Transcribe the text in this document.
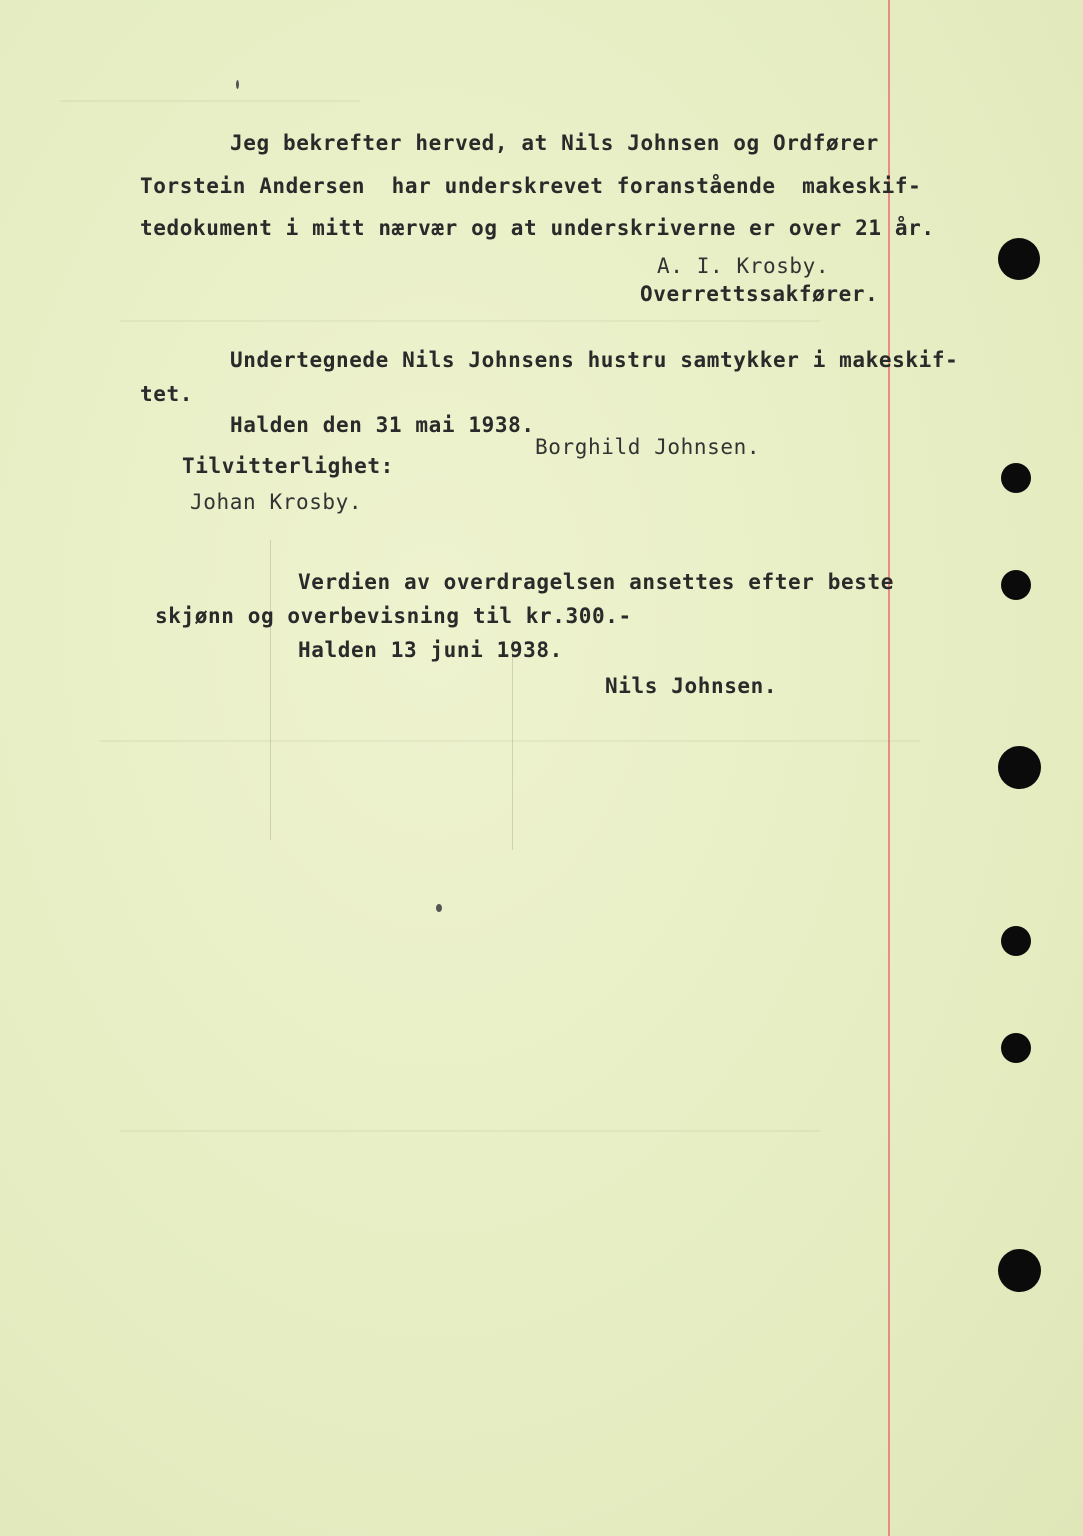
Jeg bekrefter herved, at Nils Johnsen og Ordfører
Torstein Andersen  har underskrevet foranstående  makeskif-
tedokument i mitt nærvær og at underskriverne er over 21 år.
A. I. Krosby.
Overrettssakfører.
Undertegnede Nils Johnsens hustru samtykker i makeskif-
tet.
Halden den 31 mai 1938.
Borghild Johnsen.
Tilvitterlighet:
Johan Krosby.
Verdien av overdragelsen ansettes efter beste
skjønn og overbevisning til kr.300.-
Halden 13 juni 1938.
Nils Johnsen.
